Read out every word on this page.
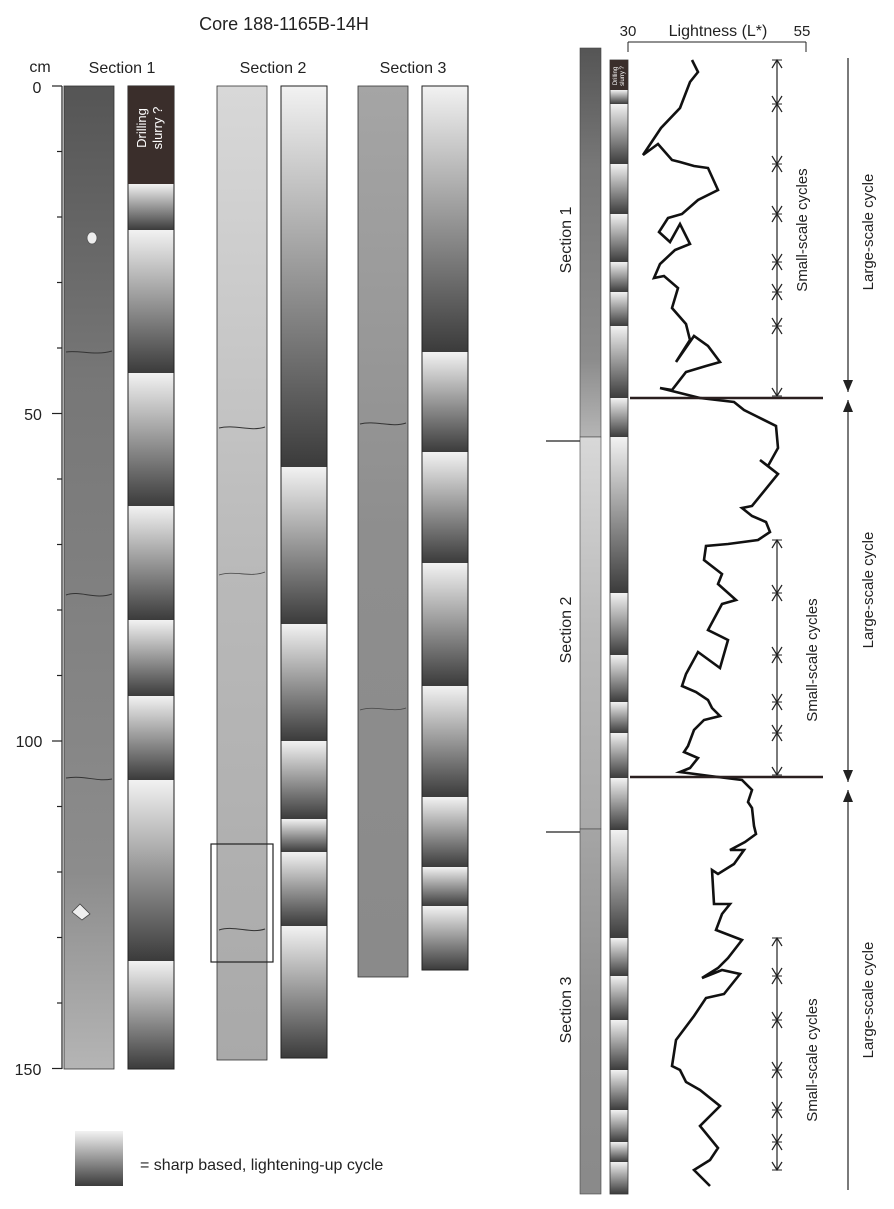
Core 188-1165B-14H
cm
0
50
100
150
Section 1	Section 2	Section 3
Drilling slurry ?
= sharp based, lightening-up cycle
30 Lightness (L*) 55
Drilling slurry ?
Section 1
Section 2
Section 3
Small-scale cycles
Small-scale cycles
Small-scale cycles
Large-scale cycle
Large-scale cycle
Large-scale cycle
